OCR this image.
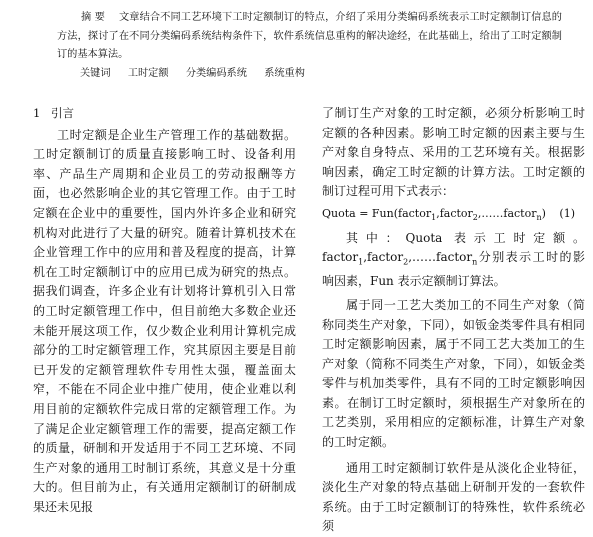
摘 要 文章结合不同工艺环境下工时定额制订的特点，介绍了采用分类编码系统表示工时定额制订信息的方法，探讨了在不同分类编码系统结构条件下，软件系统信息重构的解决途经，在此基础上，给出了工时定额制订的基本算法。

关键词 工时定额 分类编码系统 系统重构
1 引言

工时定额是企业生产管理工作的基础数据。工时定额制订的质量直接影响工时、设备利用率、产品生产周期和企业员工的劳动报酬等方面，也必然影响企业的其它管理工作。由于工时定额在企业中的重要性，国内外许多企业和研究机构对此进行了大量的研究。随着计算机技术在企业管理工作中的应用和普及程度的提高，计算机在工时定额制订中的应用已成为研究的热点。据我们调查，许多企业有计划将计算机引入日常的工时定额管理工作中，但目前绝大多数企业还未能开展这项工作，仅少数企业利用计算机完成部分的工时定额管理工作，究其原因主要是目前已开发的定额管理软件专用性太强，覆盖面太窄，不能在不同企业中推广使用，使企业难以利用目前的定额软件完成日常的定额管理工作。为了满足企业定额管理工作的需要，提高定额工作的质量，研制和开发适用于不同工艺环境、不同生产对象的通用工时制订系统，其意义是十分重大的。但目前为止，有关通用定额制订的研制成果还未见报

了制订生产对象的工时定额，必须分析影响工时定额的各种因素。影响工时定额的因素主要与生产对象自身特点、采用的工艺环境有关。根据影响因素，确定工时定额的计算方法。工时定额的制订过程可用下式表示：

Quota = Fun(factor$_1$,factor$_2$,……factor$_n$) (1)

其中：Quota 表示工时定额。factor$_1$,factor$_2$,……factor$_n$分别表示工时的影响因素，Fun 表示定额制订算法。

属于同一工艺大类加工的不同生产对象（简称同类生产对象，下同），如钣金类零件具有相同工时定额影响因素，属于不同工艺大类加工的生产对象（简称不同类生产对象，下同），如钣金类零件与机加类零件，具有不同的工时定额影响因素。在制订工时定额时，须根据生产对象所在的工艺类别，采用相应的定额标准，计算生产对象的工时定额。

通用工时定额制订软件是从淡化企业特征，淡化生产对象的特点基础上研制开发的一套软件系统。由于工时定额制订的特殊性，软件系统必须
